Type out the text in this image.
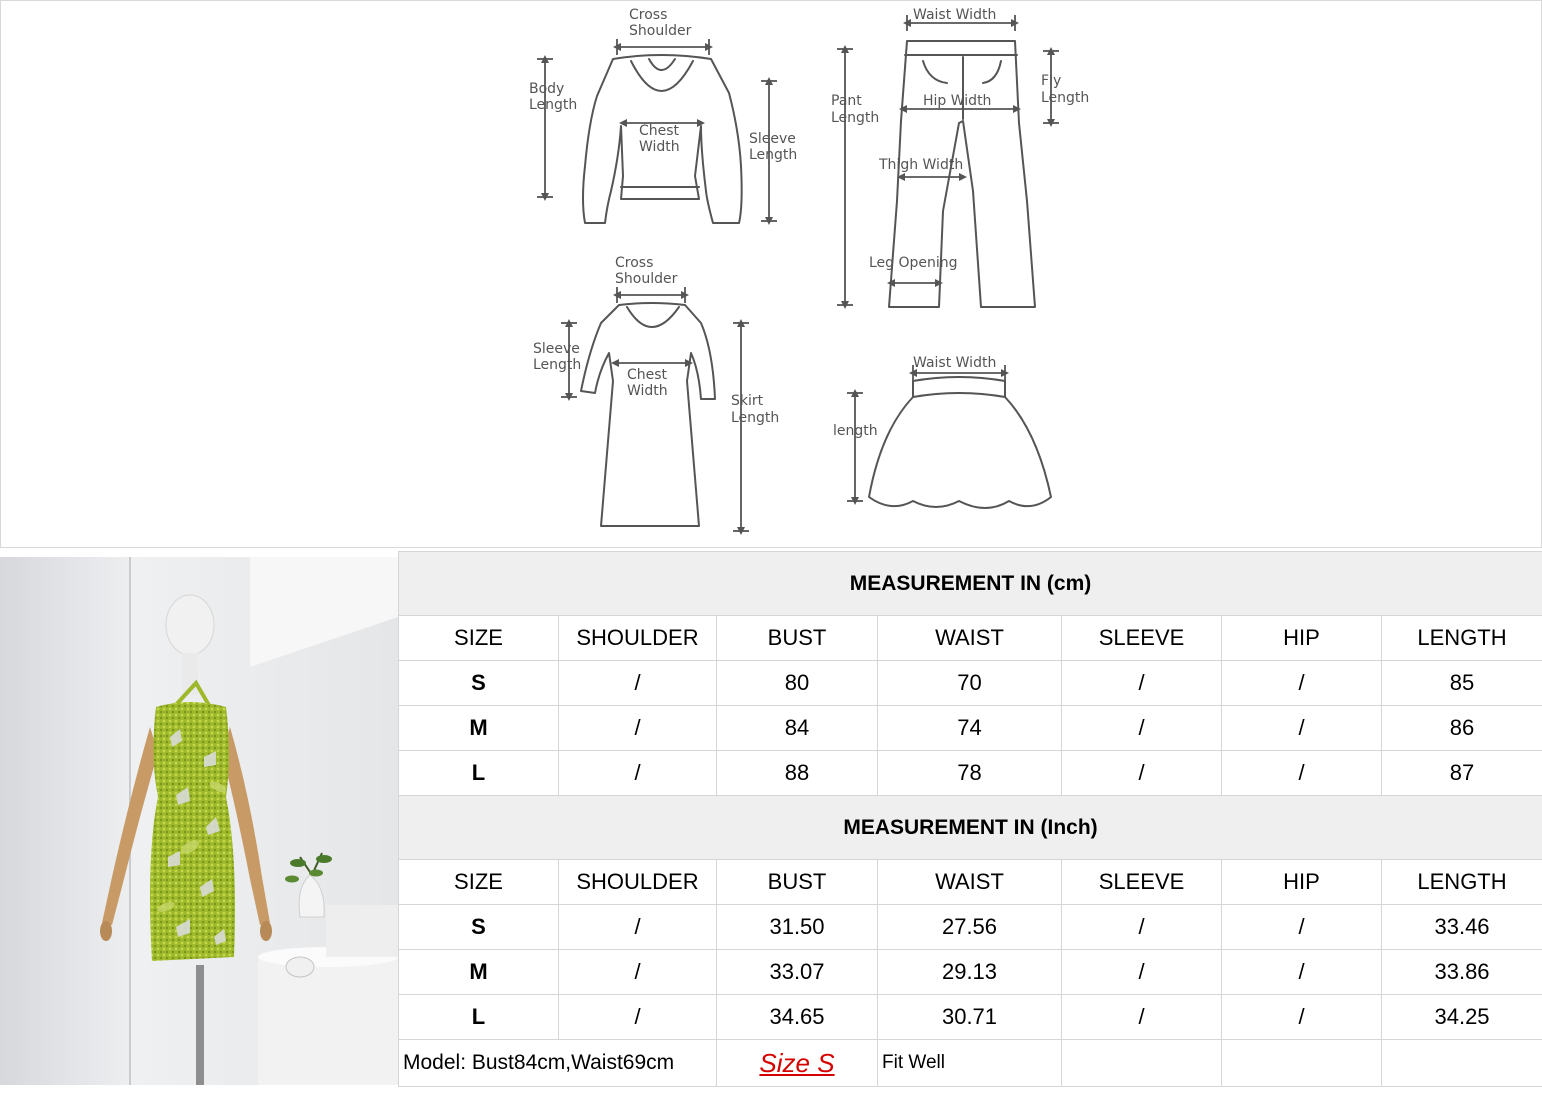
Cross
Shoulder
Body
Length
Chest
Width	Sleeve
Length
Waist Width
Pant
Length
Hip Width
Fly
Length
Thigh Width
Leg Opening
Cross
Shoulder
Sleeve
Length
Chest
Width
Skirt
Length
Waist Width
length
MEASUREMENT IN (cm)						
SIZE	SHOULDER	BUST	WAIST	SLEEVE	HIP	LENGTH
S	/	80	70	/	/	85
M	/	84	74	/	/	86
L	/	88	78	/	/	87
MEASUREMENT IN (Inch)						
SIZE	SHOULDER	BUST	WAIST	SLEEVE	HIP	LENGTH
S	/	31.50	27.56	/	/	33.46
M	/	33.07	29.13	/	/	33.86
L	/	34.65	30.71	/	/	34.25
Model: Bust84cm,Waist69cm		Size S	Fit Well			
